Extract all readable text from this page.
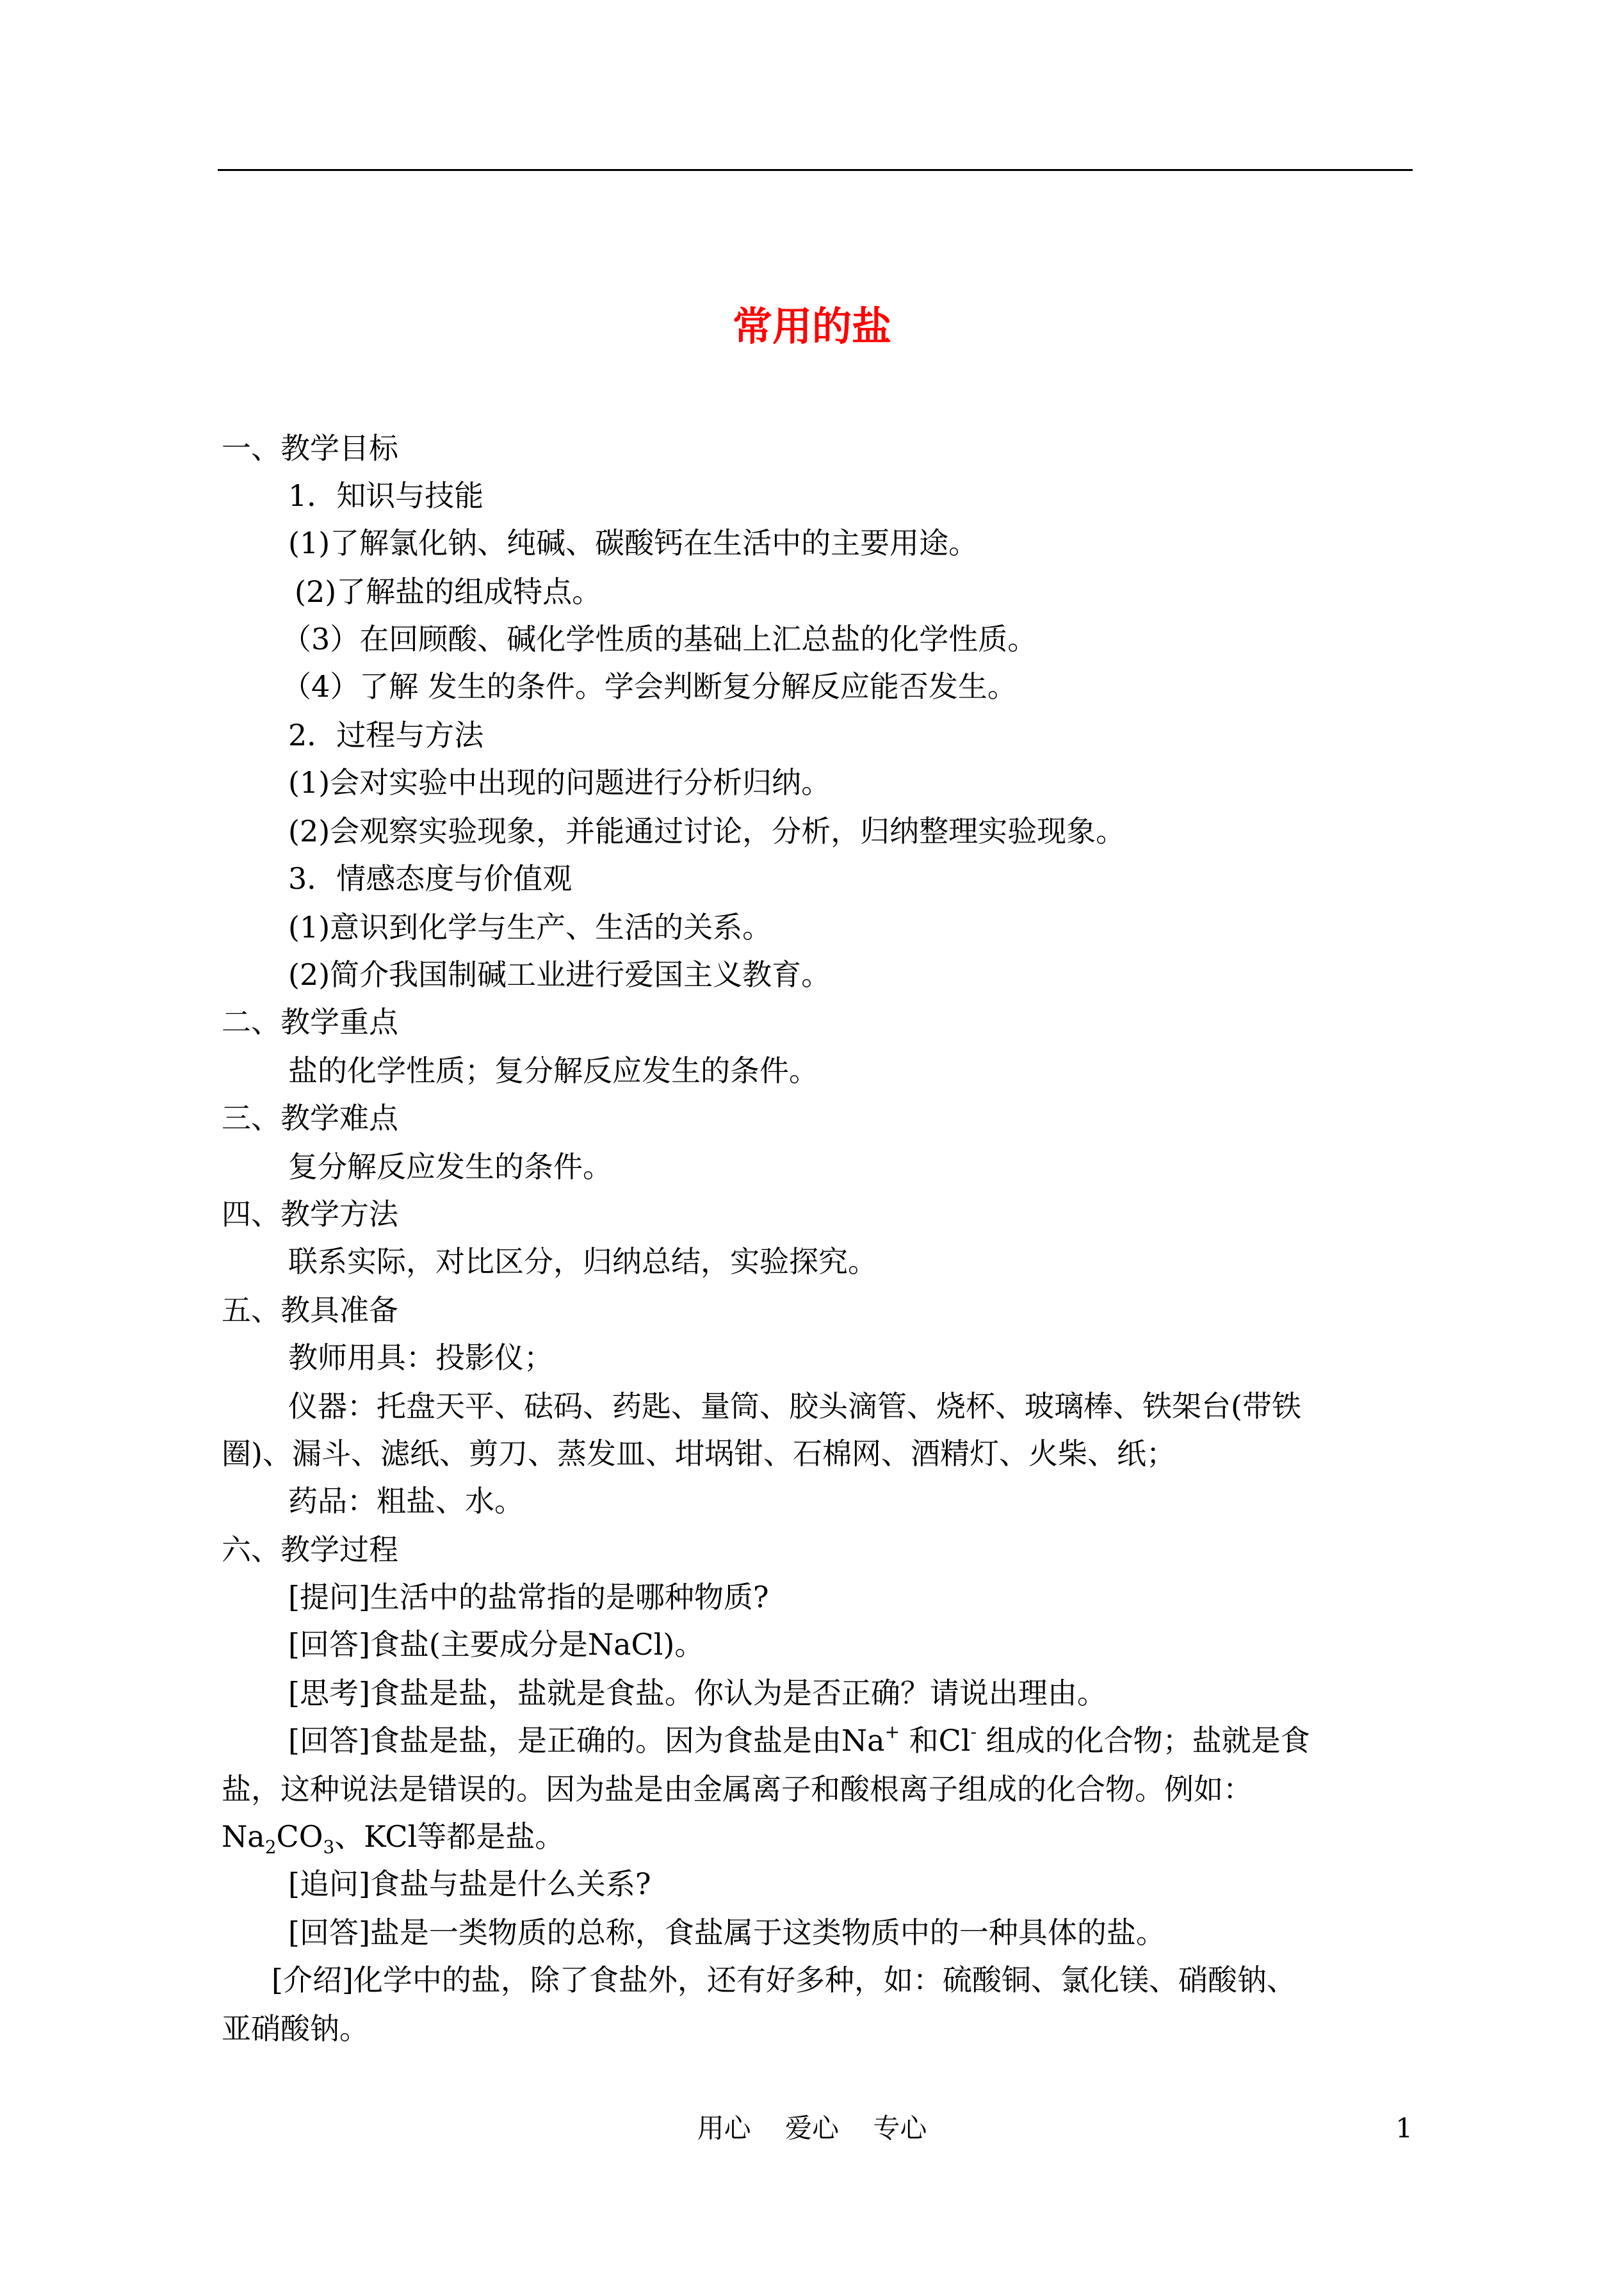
常用的盐
一、教学目标
1．知识与技能
(1)了解氯化钠、纯碱、碳酸钙在生活中的主要用途。
(2)了解盐的组成特点。
（3）在回顾酸、碱化学性质的基础上汇总盐的化学性质。
（4）了解 发生的条件。学会判断复分解反应能否发生。
2．过程与方法
(1)会对实验中出现的问题进行分析归纳。
(2)会观察实验现象，并能通过讨论，分析，归纳整理实验现象。
3．情感态度与价值观
(1)意识到化学与生产、生活的关系。
(2)简介我国制碱工业进行爱国主义教育。
二、教学重点
盐的化学性质；复分解反应发生的条件。
三、教学难点
复分解反应发生的条件。
四、教学方法
联系实际，对比区分，归纳总结，实验探究。
五、教具准备
教师用具：投影仪；
仪器：托盘天平、砝码、药匙、量筒、胶头滴管、烧杯、玻璃棒、铁架台(带铁
圈)、漏斗、滤纸、剪刀、蒸发皿、坩埚钳、石棉网、酒精灯、火柴、纸；
药品：粗盐、水。
六、教学过程
[提问]生活中的盐常指的是哪种物质?
[回答]食盐(主要成分是NaCl)。
[思考]食盐是盐，盐就是食盐。你认为是否正确？请说出理由。
[回答]食盐是盐，是正确的。因为食盐是由Na+ 和Cl- 组成的化合物；盐就是食
盐，这种说法是错误的。因为盐是由金属离子和酸根离子组成的化合物。例如：
$Na_2CO_3$、KCl等都是盐。
[追问]食盐与盐是什么关系?
[回答]盐是一类物质的总称，食盐属于这类物质中的一种具体的盐。
[介绍]化学中的盐，除了食盐外，还有好多种，如：硫酸铜、氯化镁、硝酸钠、
亚硝酸钠。
用心    爱心    专心	1
